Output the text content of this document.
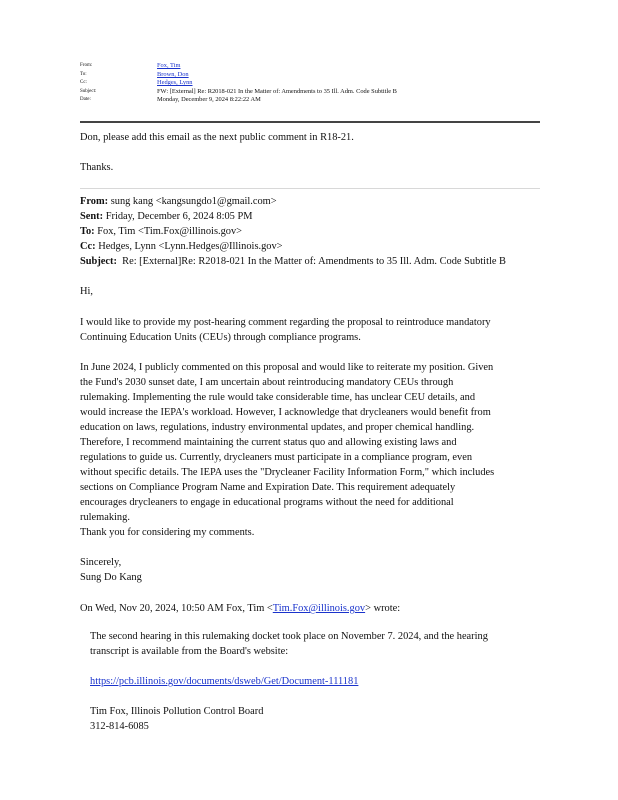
From:	Fox, Tim
To:	Brown, Don
Cc:	Hedges, Lynn
Subject:	FW: [External] Re: R2018-021 In the Matter of: Amendments to 35 Ill. Adm. Code Subtitle B
Date:	Monday, December 9, 2024 8:22:22 AM
Don, please add this email as the next public comment in R18-21.
Thanks.
From: sung kang <kangsungdo1@gmail.com>
Sent: Friday, December 6, 2024 8:05 PM
To: Fox, Tim <Tim.Fox@illinois.gov>
Cc: Hedges, Lynn <Lynn.Hedges@Illinois.gov>
Subject: Re: [External]Re: R2018-021 In the Matter of: Amendments to 35 Ill. Adm. Code Subtitle B
Hi,
I would like to provide my post-hearing comment regarding the proposal to reintroduce mandatory
Continuing Education Units (CEUs) through compliance programs.
In June 2024, I publicly commented on this proposal and would like to reiterate my position. Given
the Fund's 2030 sunset date, I am uncertain about reintroducing mandatory CEUs through
rulemaking. Implementing the rule would take considerable time, has unclear CEU details, and
would increase the IEPA's workload. However, I acknowledge that drycleaners would benefit from
education on laws, regulations, industry environmental updates, and proper chemical handling.
Therefore, I recommend maintaining the current status quo and allowing existing laws and
regulations to guide us. Currently, drycleaners must participate in a compliance program, even
without specific details. The IEPA uses the "Drycleaner Facility Information Form," which includes
sections on Compliance Program Name and Expiration Date. This requirement adequately
encourages drycleaners to engage in educational programs without the need for additional
rulemaking.
Thank you for considering my comments.
Sincerely,
Sung Do Kang
On Wed, Nov 20, 2024, 10:50 AM Fox, Tim <Tim.Fox@illinois.gov> wrote:
The second hearing in this rulemaking docket took place on November 7. 2024, and the hearing
transcript is available from the Board's website:
https://pcb.illinois.gov/documents/dsweb/Get/Document-111181
Tim Fox, Illinois Pollution Control Board
312-814-6085
